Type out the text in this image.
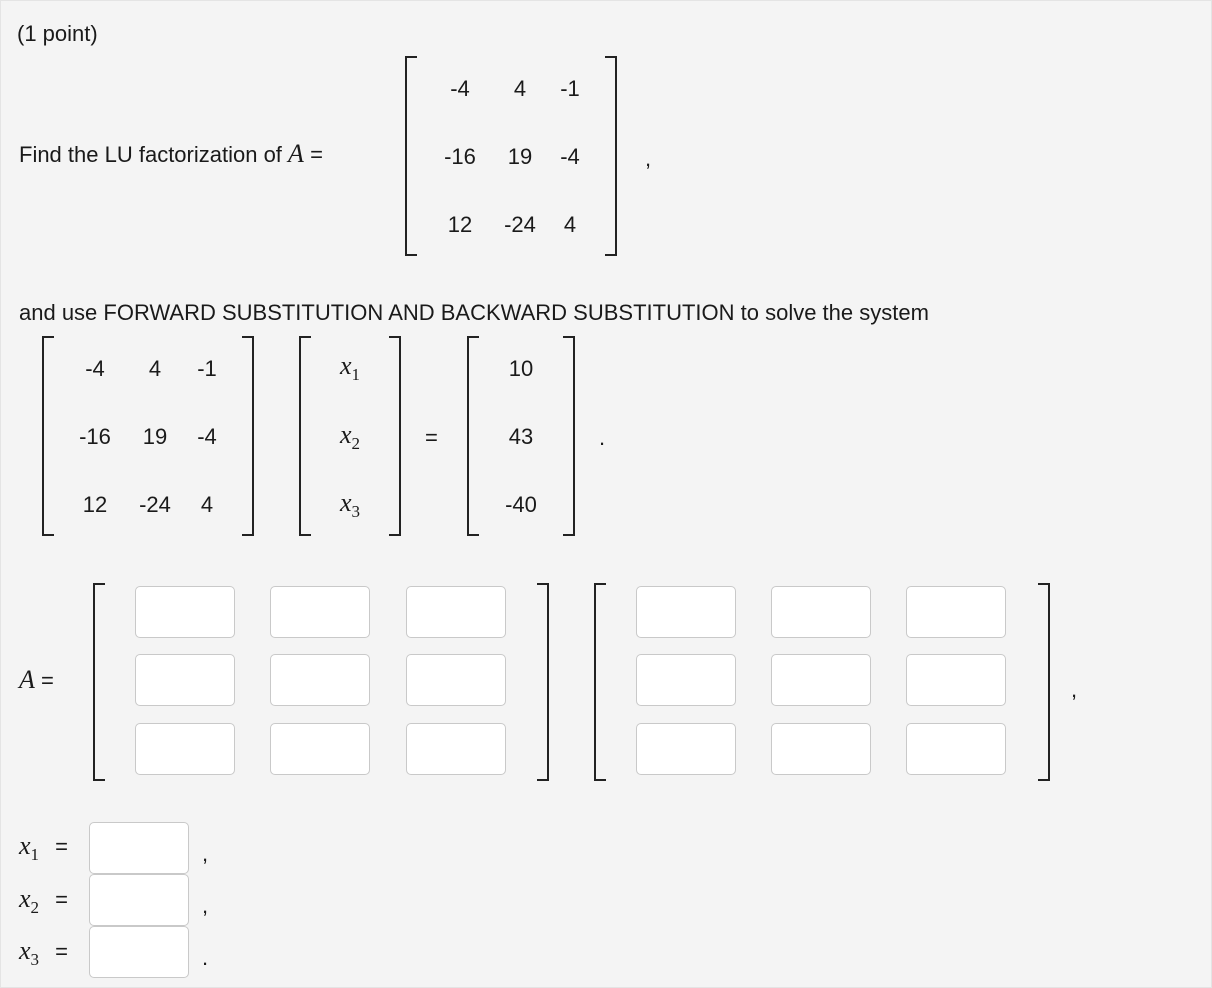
(1 point)
Find the LU factorization of A =
-4	4	-1
-16	19	-4
12	-24	4
,
and use FORWARD SUBSTITUTION AND BACKWARD SUBSTITUTION to solve the system
-4	4	-1
-16	19	-4
12	-24	4
$x_1$
$x_2$
$x_3$
=
10
43
-40
.
A =	,
$x_1$ =	,
$x_2$ =	,
$x_3$ =	.
